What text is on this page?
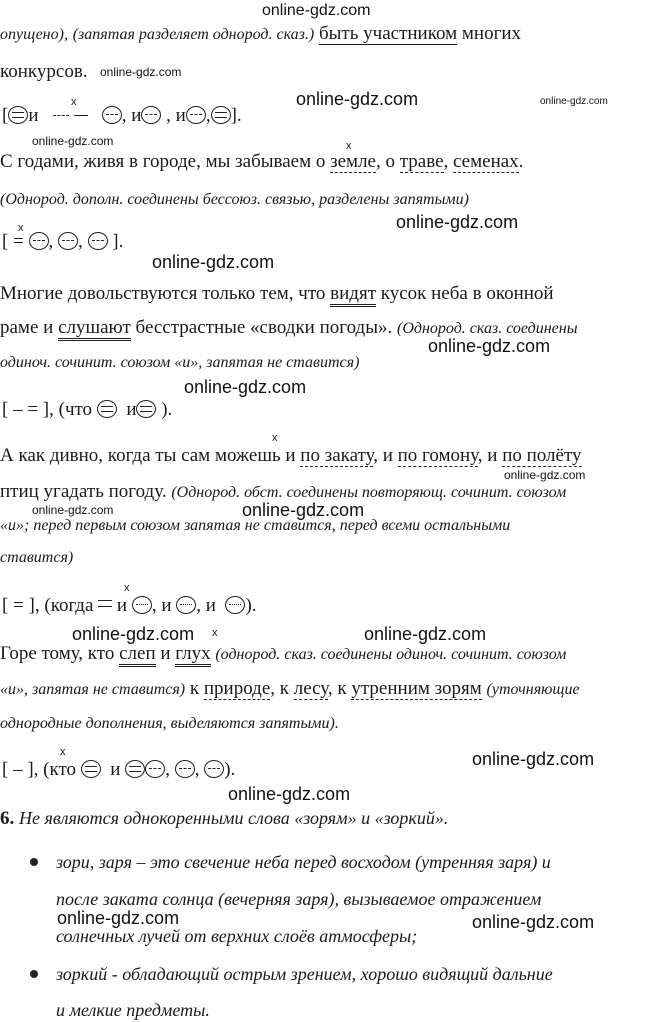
online-gdz.com
online-gdz.com
online-gdz.com	online-gdz.com
online-gdz.com
online-gdz.com
online-gdz.com
online-gdz.com
online-gdz.com
online-gdz.com
online-gdz.com	online-gdz.com
online-gdz.com	online-gdz.com
online-gdz.com
online-gdz.com
online-gdz.com	online-gdz.com
опущено), (запятая разделяет однород. сказ.) быть участником многих
конкурсов.
x
[ и	, и , и , ].
x
С годами, живя в городе, мы забываем о земле, о траве, семенах.
(Однород. дополн. соединены бессоюз. связью, разделены запятыми)
x
[ = , , ].
Многие довольствуются только тем, что видят кусок неба в оконной
раме и слушают бесстрастные «сводки погоды». (Однород. сказ. соединены
одиноч. сочинит. союзом «и», запятая не ставится)
[ – = ], (что и ).
x
А как дивно, когда ты сам можешь и по закату, и по гомону, и по полёту
птиц угадать погоду. (Однород. обст. соединены повторяющ. сочинит. союзом
«и»; перед первым союзом запятая не ставится, перед всеми остальными
ставится)
x
[ = ], (когда и , и , и ).
x
Горе тому, кто слеп и глух (однород. сказ. соединены одиноч. сочинит. союзом
«и», запятая не ставится) к природе, к лесу, к утренним зорям (уточняющие
однородные дополнения, выделяются запятыми).
x
[ – ], (кто и , , ).
6. Не являются однокоренными слова «зорям» и «зоркий».
зори, заря – это свечение неба перед восходом (утренняя заря) и
после заката солнца (вечерняя заря), вызываемое отражением
солнечных лучей от верхних слоёв атмосферы;
зоркий - обладающий острым зрением, хорошо видящий дальние
и мелкие предметы.
